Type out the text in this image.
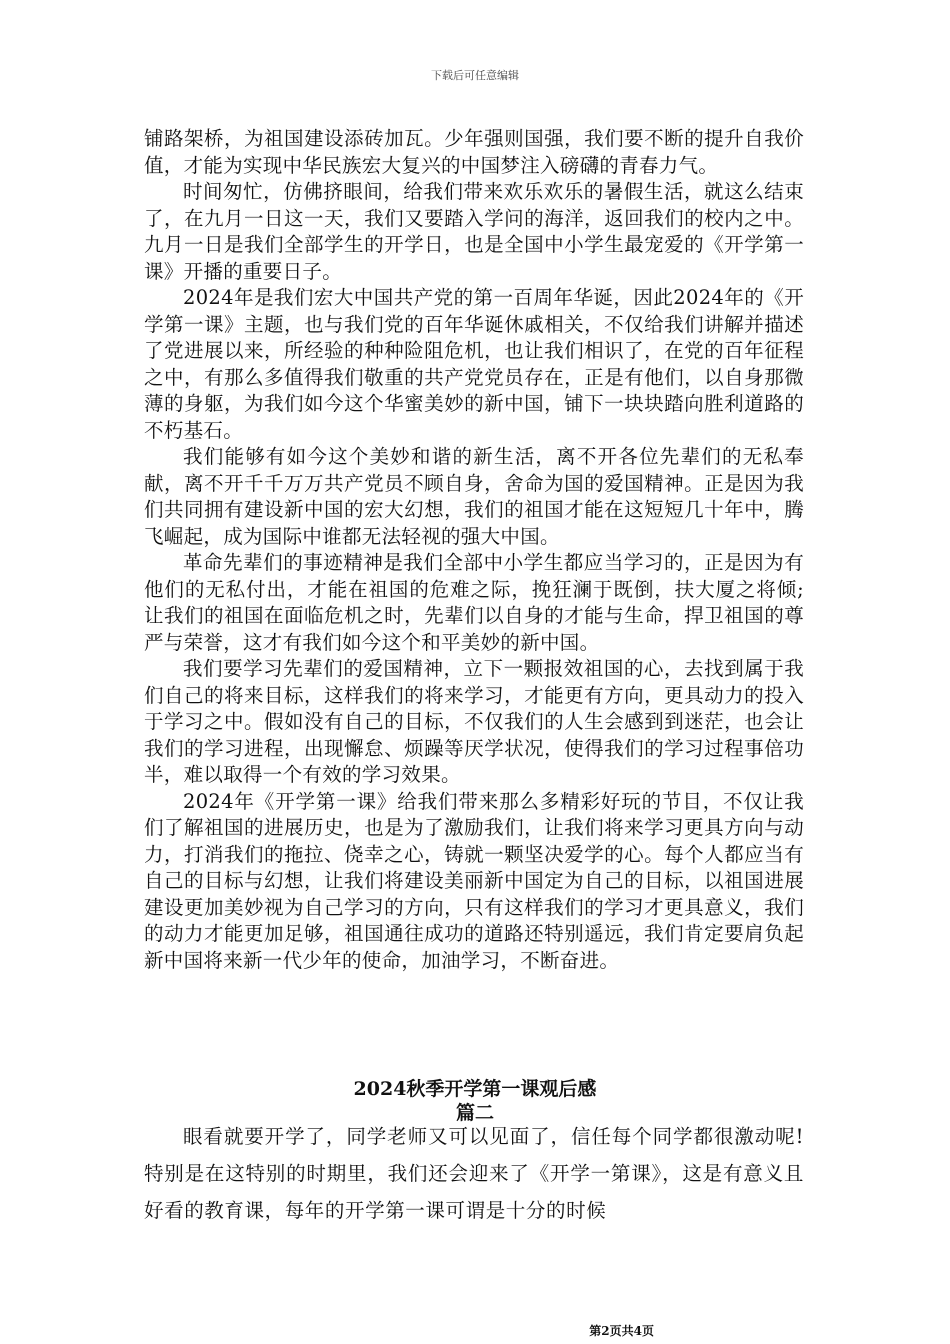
下载后可任意编辑

铺路架桥，为祖国建设添砖加瓦。少年强则国强，我们要不断的提升自我价值，才能为实现中华民族宏大复兴的中国梦注入磅礴的青春力气。

时间匆忙，仿佛挤眼间，给我们带来欢乐欢乐的暑假生活，就这么结束了，在九月一日这一天，我们又要踏入学问的海洋，返回我们的校内之中。九月一日是我们全部学生的开学日，也是全国中小学生最宠爱的《开学第一课》开播的重要日子。

2024年是我们宏大中国共产党的第一百周年华诞，因此2024年的《开学第一课》主题，也与我们党的百年华诞休戚相关，不仅给我们讲解并描述了党进展以来，所经验的种种险阻危机，也让我们相识了，在党的百年征程之中，有那么多值得我们敬重的共产党党员存在，正是有他们，以自身那微薄的身躯，为我们如今这个华蜜美妙的新中国，铺下一块块踏向胜利道路的不朽基石。

我们能够有如今这个美妙和谐的新生活，离不开各位先辈们的无私奉献，离不开千千万万共产党员不顾自身，舍命为国的爱国精神。正是因为我们共同拥有建设新中国的宏大幻想，我们的祖国才能在这短短几十年中，腾飞崛起，成为国际中谁都无法轻视的强大中国。

革命先辈们的事迹精神是我们全部中小学生都应当学习的，正是因为有他们的无私付出，才能在祖国的危难之际，挽狂澜于既倒，扶大厦之将倾;让我们的祖国在面临危机之时，先辈们以自身的才能与生命，捍卫祖国的尊严与荣誉，这才有我们如今这个和平美妙的新中国。

我们要学习先辈们的爱国精神，立下一颗报效祖国的心，去找到属于我们自己的将来目标，这样我们的将来学习，才能更有方向，更具动力的投入于学习之中。假如没有自己的目标，不仅我们的人生会感到到迷茫，也会让我们的学习进程，出现懈怠、烦躁等厌学状况，使得我们的学习过程事倍功半，难以取得一个有效的学习效果。

2024年《开学第一课》给我们带来那么多精彩好玩的节目，不仅让我们了解祖国的进展历史，也是为了激励我们，让我们将来学习更具方向与动力，打消我们的拖拉、侥幸之心，铸就一颗坚决爱学的心。每个人都应当有自己的目标与幻想，让我们将建设美丽新中国定为自己的目标，以祖国进展建设更加美妙视为自己学习的方向，只有这样我们的学习才更具意义，我们的动力才能更加足够，祖国通往成功的道路还特别遥远，我们肯定要肩负起新中国将来新一代少年的使命，加油学习，不断奋进。

2024秋季开学第一课观后感
篇二

眼看就要开学了，同学老师又可以见面了，信任每个同学都很激动呢!特别是在这特别的时期里，我们还会迎来了《开学一第课》，这是有意义且好看的教育课，每年的开学第一课可谓是十分的时候

第2页共4页
